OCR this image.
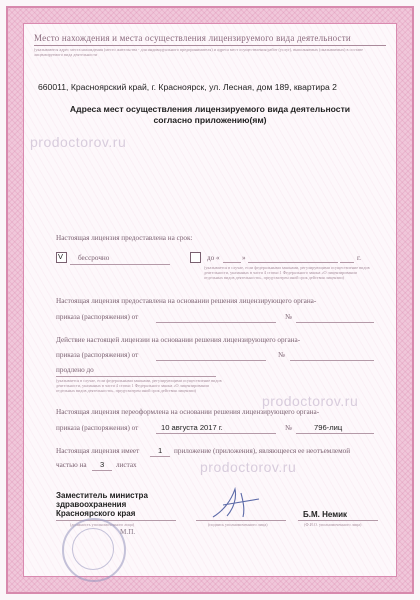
Место нахождения и места осуществления лицензируемого вида деятельности
(указываются адрес места нахождения (место жительства - для индивидуального предпринимателя) и адреса мест осуществления работ (услуг), выполняемых (оказываемых) в составе лицензируемого вида деятельности
660011, Красноярский край, г. Красноярск, ул. Лесная, дом 189, квартира 2
Адреса мест осуществления лицензируемого вида деятельности согласно приложению(ям)
prodoctorov.ru
Настоящая лицензия предоставлена на срок:
V бессрочно	до «	»	г.
(указывается в случае, если федеральными законами, регулирующими осуществление видов деятельности, указанных в части 4 статьи 1 Федерального закона «О лицензировании отдельных видов деятельности», предусмотрен иной срок действия лицензии)
Настоящая лицензия предоставлена на основании решения лицензирующего органа-
приказа (распоряжения) от	№
Действие настоящей лицензии на основании решения лицензирующего органа-
приказа (распоряжения) от	№
продлено до
(указывается в случае, если федеральными законами, регулирующими осуществление видов деятельности, указанных в части 4 статьи 1 Федерального закона «О лицензировании отдельных видов деятельности», предусмотрен иной срок действия лицензии)
prodoctorov.ru
Настоящая лицензия переоформлена на основании решения лицензирующего органа-
приказа (распоряжения) от	10 августа 2017 г.	№	796-лиц
prodoctorov.ru
Настоящая лицензия имеет 1 приложение (приложения), являющееся ее неотъемлемой
частью на 3 листах
Заместитель министра здравоохранения Красноярского края
(должность уполномоченного лица)	(подпись уполномоченного лица)
Б.М. Немик
(Ф.И.О. уполномоченного лица)
М.П.
